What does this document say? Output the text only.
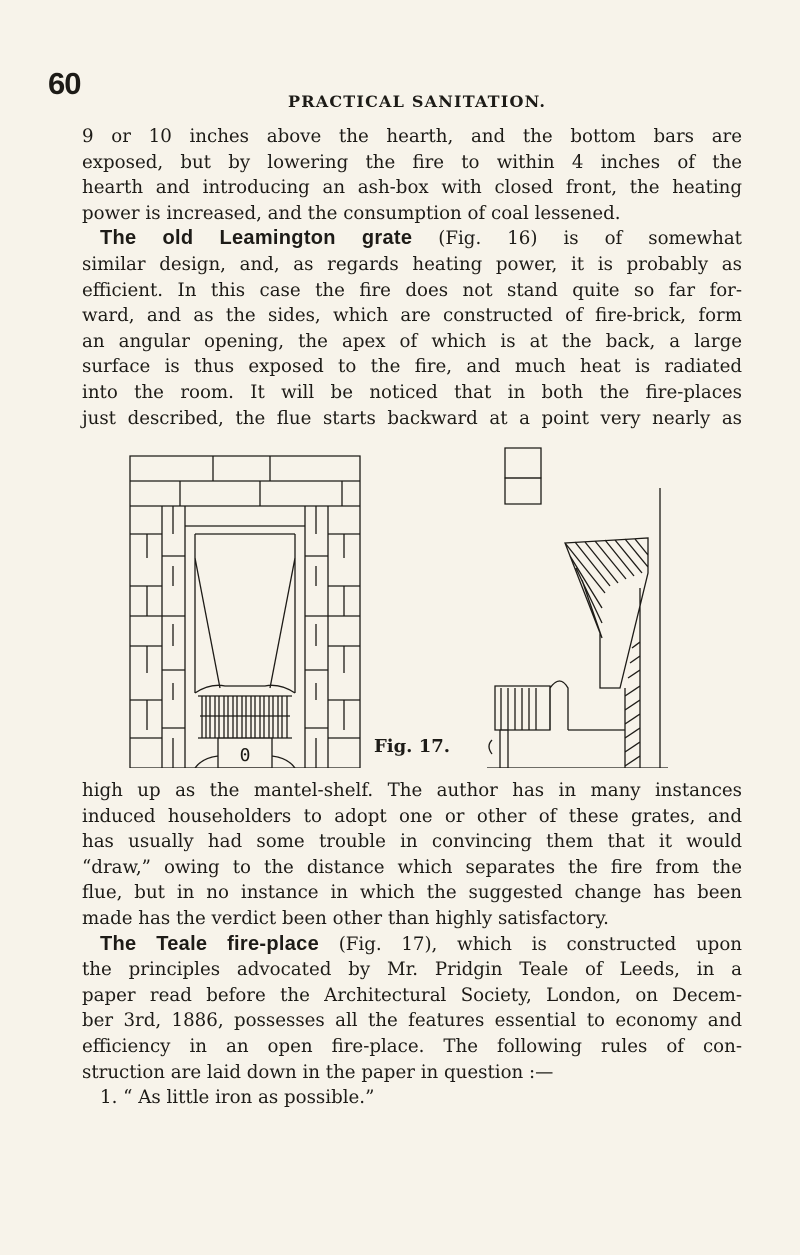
60
PRACTICAL SANITATION.
9 or 10 inches above the hearth, and the bottom bars are
exposed, but by lowering the fire to within 4 inches of the
hearth and introducing an ash-box with closed front, the heating
power is increased, and the consumption of coal lessened.
The old Leamington grate (Fig. 16) is of somewhat
similar design, and, as regards heating power, it is probably as
efficient. In this case the fire does not stand quite so far for-
ward, and as the sides, which are constructed of fire-brick, form
an angular opening, the apex of which is at the back, a large
surface is thus exposed to the fire, and much heat is radiated
into the room. It will be noticed that in both the fire-places
just described, the flue starts backward at a point very nearly as
0	Fig. 17.
high up as the mantel-shelf. The author has in many instances
induced householders to adopt one or other of these grates, and
has usually had some trouble in convincing them that it would
“draw,” owing to the distance which separates the fire from the
flue, but in no instance in which the suggested change has been
made has the verdict been other than highly satisfactory.
The Teale fire-place (Fig. 17), which is constructed upon
the principles advocated by Mr. Pridgin Teale of Leeds, in a
paper read before the Architectural Society, London, on Decem-
ber 3rd, 1886, possesses all the features essential to economy and
efficiency in an open fire-place. The following rules of con-
struction are laid down in the paper in question :—
1. “ As little iron as possible.”
